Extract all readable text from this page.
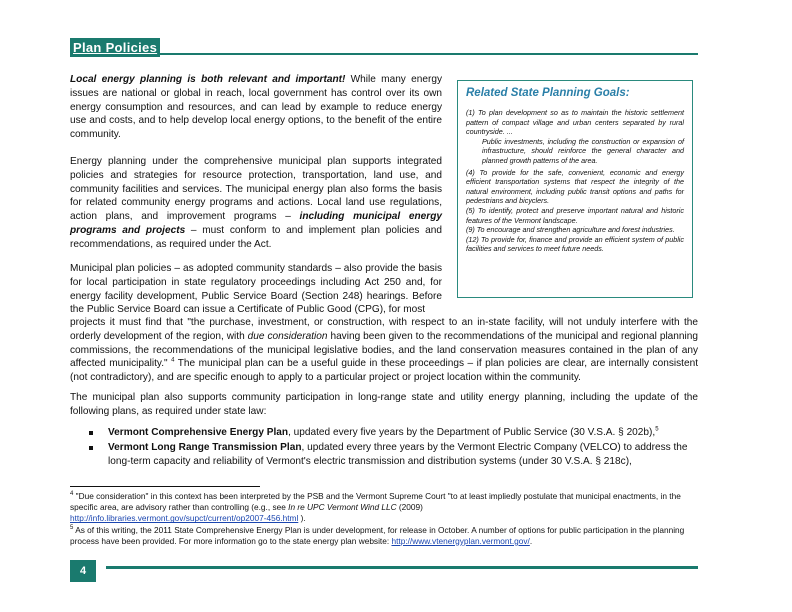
Plan Policies
Related State Planning Goals:

(1) To plan development so as to maintain the historic settlement pattern of compact village and urban centers separated by rural countryside. ...

Public investments, including the construction or expansion of infrastructure, should reinforce the general character and planned growth patterns of the area.

(4) To provide for the safe, convenient, economic and energy efficient transportation systems that respect the integrity of the natural environment, including public transit options and paths for pedestrians and bicyclers.

(5) To identify, protect and preserve important natural and historic features of the Vermont landscape.

(9) To encourage and strengthen agriculture and forest industries.

(12) To provide for, finance and provide an efficient system of public facilities and services to meet future needs.

Local energy planning is both relevant and important! While many energy issues are national or global in reach, local government has control over its own energy consumption and resources, and can lead by example to reduce energy use and costs, and to help develop local energy options, to the benefit of the entire community.

Energy planning under the comprehensive municipal plan supports integrated policies and strategies for resource protection, transportation, land use, and community facilities and services. The municipal energy plan also forms the basis for related community energy programs and actions. Local land use regulations, action plans, and improvement programs – including municipal energy programs and projects – must conform to and implement plan policies and recommendations, as required under the Act.

Municipal plan policies – as adopted community standards – also provide the basis for local participation in state regulatory proceedings including Act 250 and, for energy facility development, Public Service Board (Section 248) hearings. Before the Public Service Board can issue a Certificate of Public Good (CPG), for most

projects it must find that "the purchase, investment, or construction, with respect to an in-state facility, will not unduly interfere with the orderly development of the region, with due consideration having been given to the recommendations of the municipal and regional planning commissions, the recommendations of the municipal legislative bodies, and the land conservation measures contained in the plan of any affected municipality." $^4$ The municipal plan can be a useful guide in these proceedings – if plan policies are clear, are internally consistent (not contradictory), and are specific enough to apply to a particular project or project location within the community.

The municipal plan also supports community participation in long-range state and utility energy planning, including the update of the following plans, as required under state law:

Vermont Comprehensive Energy Plan, updated every five years by the Department of Public Service (30 V.S.A. § 202b),$^5$
Vermont Long Range Transmission Plan, updated every three years by the Vermont Electric Company (VELCO) to address the long-term capacity and reliability of Vermont's electric transmission and distribution systems (under 30 V.S.A. § 218c),

$^4$ "Due consideration" in this context has been interpreted by the PSB and the Vermont Supreme Court "to at least impliedly postulate that municipal enactments, in the specific area, are advisory rather than controlling (e.g., see In re UPC Vermont Wind LLC (2009)
http://info.libraries.vermont.gov/supct/current/op2007-456.html ).

$^5$ As of this writing, the 2011 State Comprehensive Energy Plan is under development, for release in October. A number of options for public participation in the planning process have been provided. For more information go to the state energy plan website: http://www.vtenergyplan.vermont.gov/.

4
